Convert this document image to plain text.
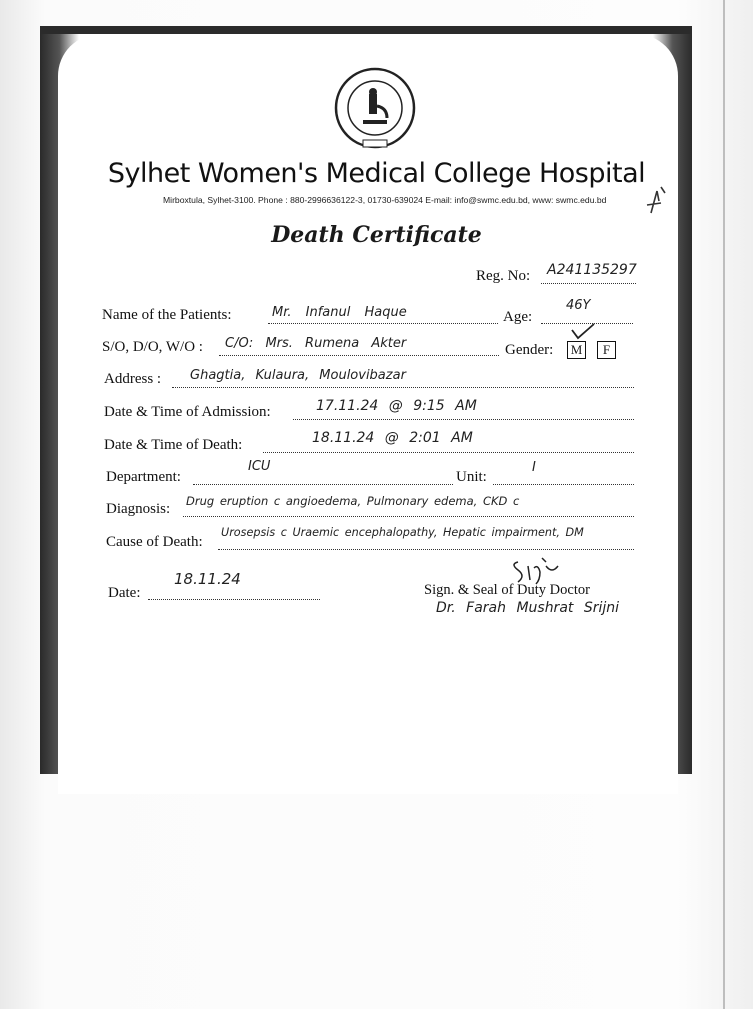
Sylhet Women's Medical College Hospital
Mirboxtula, Sylhet-3100. Phone : 880-2996636122-3, 01730-639024 E-mail: info@swmc.edu.bd, www: swmc.edu.bd
Death Certificate
Reg. No: A241135297
Name of the Patients:	Mr. Infanul Haque	Age:
46Y
S/O, D/O, W/O : C/O: Mrs. Rumena Akter	Gender: M	F
Address : Ghagtia, Kulaura, Moulovibazar
Date & Time of Admission:	17.11.24 @ 9:15 AM
Date & Time of Death:	18.11.24 @ 2:01 AM
Department:
ICU
Unit:
I
Diagnosis: Drug eruption c angioedema, Pulmonary edema, CKD c
Cause of Death:
Urosepsis c Uraemic encephalopathy, Hepatic impairment, DM
Date:
18.11.24
Sign. & Seal of Duty Doctor
Dr. Farah Mushrat Srijni
